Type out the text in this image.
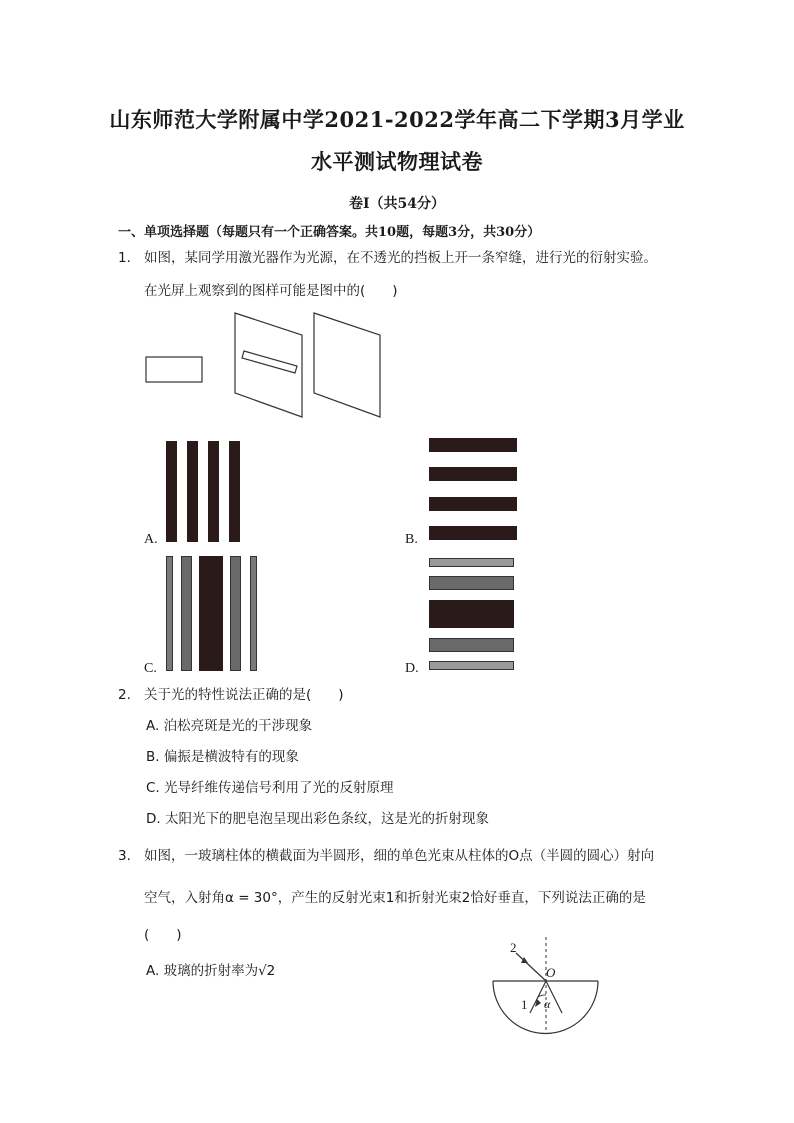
山东师范大学附属中学2021-2022学年高二下学期3月学业
水平测试物理试卷
卷Ⅰ（共54分）
一、单项选择题（每题只有一个正确答案。共10题，每题3分，共30分）
1. 如图，某同学用激光器作为光源，在不透光的挡板上开一条窄缝，进行光的衍射实验。
在光屏上观察到的图样可能是图中的(　　)
A.	B.
C.	D.
2. 关于光的特性说法正确的是(　　)
A. 泊松亮斑是光的干涉现象
B. 偏振是横波特有的现象
C. 光导纤维传递信号利用了光的反射原理
D. 太阳光下的肥皂泡呈现出彩色条纹，这是光的折射现象
3. 如图，一玻璃柱体的横截面为半圆形，细的单色光束从柱体的O点（半圆的圆心）射向
空气，入射角α = 30°，产生的反射光束1和折射光束2恰好垂直，下列说法正确的是
(　　)
A. 玻璃的折射率为√2
2
O
1 α
